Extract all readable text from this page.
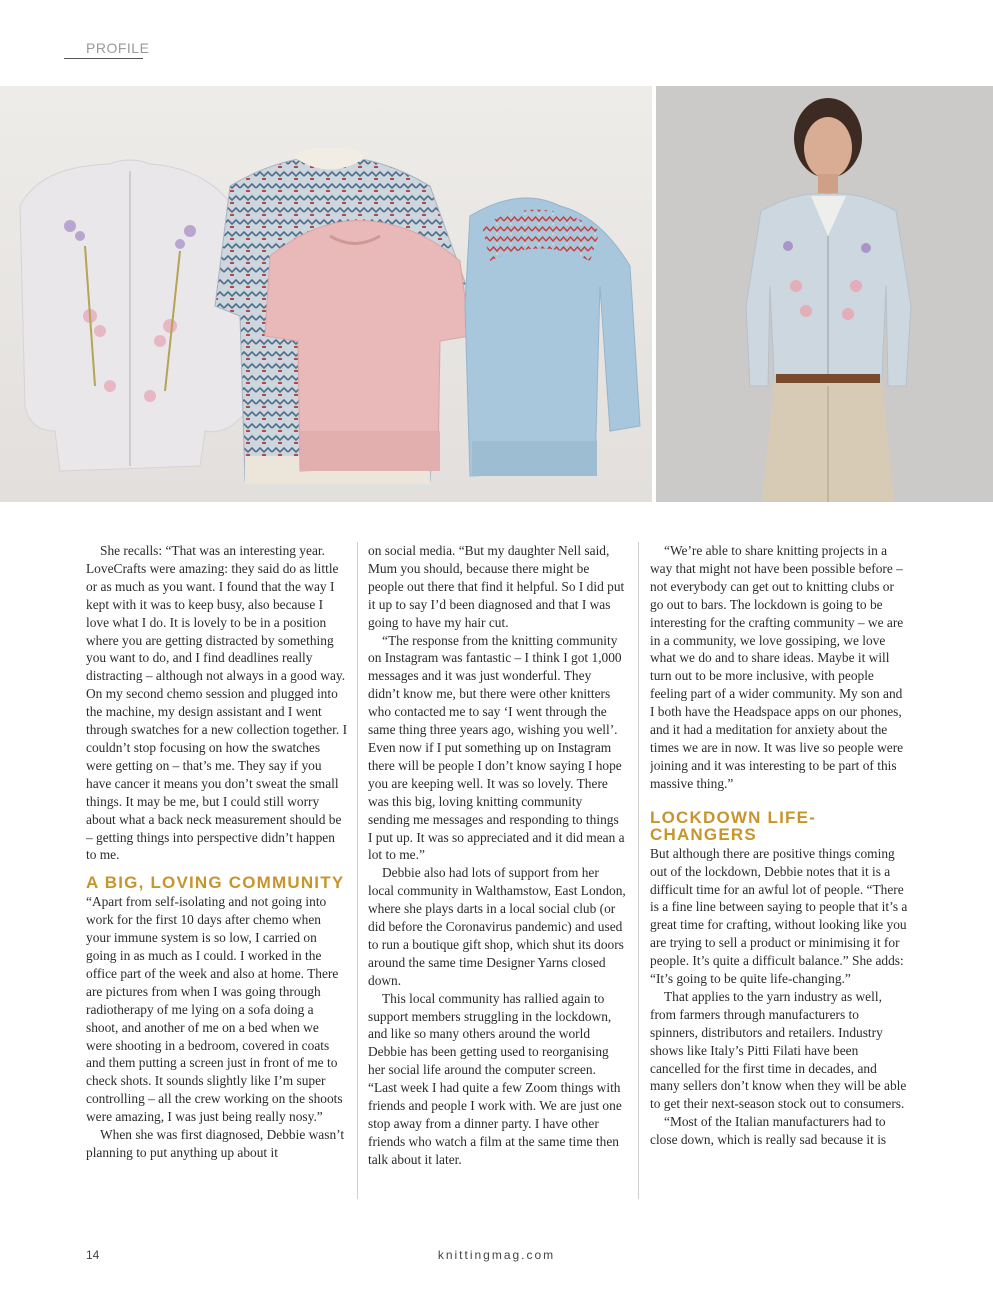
PROFILE

She recalls: “That was an interesting year. LoveCrafts were amazing: they said do as little or as much as you want. I found that the way I kept with it was to keep busy, also because I love what I do. It is lovely to be in a position where you are getting distracted by something you want to do, and I find deadlines really distracting – although not always in a good way. On my second chemo session and plugged into the machine, my design assistant and I went through swatches for a new collection together. I couldn’t stop focusing on how the swatches were getting on – that’s me. They say if you have cancer it means you don’t sweat the small things. It may be me, but I could still worry about what a back neck measurement should be – getting things into perspective didn’t happen to me.

A BIG, LOVING COMMUNITY

“Apart from self-isolating and not going into work for the first 10 days after chemo when your immune system is so low, I carried on going in as much as I could. I worked in the office part of the week and also at home. There are pictures from when I was going through radiotherapy of me lying on a sofa doing a shoot, and another of me on a bed when we were shooting in a bedroom, covered in coats and them putting a screen just in front of me to check shots. It sounds slightly like I’m super controlling – all the crew working on the shoots were amazing, I was just being really nosy.”

When she was first diagnosed, Debbie wasn’t planning to put anything up about it

on social media. “But my daughter Nell said, Mum you should, because there might be people out there that find it helpful. So I did put it up to say I’d been diagnosed and that I was going to have my hair cut.

“The response from the knitting community on Instagram was fantastic – I think I got 1,000 messages and it was just wonderful. They didn’t know me, but there were other knitters who contacted me to say ‘I went through the same thing three years ago, wishing you well’. Even now if I put something up on Instagram there will be people I don’t know saying I hope you are keeping well. It was so lovely. There was this big, loving knitting community sending me messages and responding to things I put up. It was so appreciated and it did mean a lot to me.”

Debbie also had lots of support from her local community in Walthamstow, East London, where she plays darts in a local social club (or did before the Coronavirus pandemic) and used to run a boutique gift shop, which shut its doors around the same time Designer Yarns closed down.

This local community has rallied again to support members struggling in the lockdown, and like so many others around the world Debbie has been getting used to reorganising her social life around the computer screen. “Last week I had quite a few Zoom things with friends and people I work with. We are just one stop away from a dinner party. I have other friends who watch a film at the same time then talk about it later.

“We’re able to share knitting projects in a way that might not have been possible before – not everybody can get out to knitting clubs or go out to bars. The lockdown is going to be interesting for the crafting community – we are in a community, we love gossiping, we love what we do and to share ideas. Maybe it will turn out to be more inclusive, with people feeling part of a wider community. My son and I both have the Headspace apps on our phones, and it had a meditation for anxiety about the times we are in now. It was live so people were joining and it was interesting to be part of this massive thing.”

LOCKDOWN LIFE-CHANGERS

But although there are positive things coming out of the lockdown, Debbie notes that it is a difficult time for an awful lot of people. “There is a fine line between saying to people that it’s a great time for crafting, without looking like you are trying to sell a product or minimising it for people. It’s quite a difficult balance.” She adds: “It’s going to be quite life-changing.”

That applies to the yarn industry as well, from farmers through manufacturers to spinners, distributors and retailers. Industry shows like Italy’s Pitti Filati have been cancelled for the first time in decades, and many sellers don’t know when they will be able to get their next-season stock out to consumers.

“Most of the Italian manufacturers had to close down, which is really sad because it is

14	knittingmag.com
